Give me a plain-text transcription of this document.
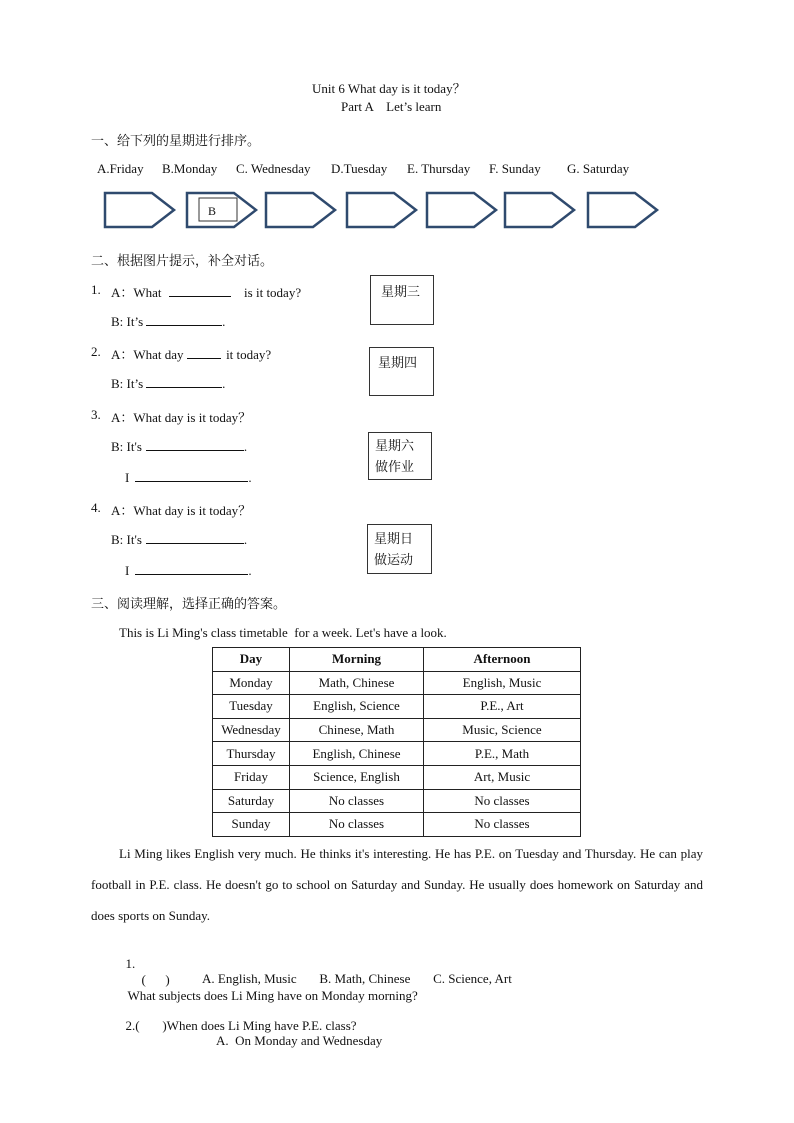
Unit 6 What day is it today？
Part A    Let’s learn
一、给下列的星期进行排序。
A.Friday B.Monday C. Wednesday D.Tuesday E. Thursday F. Sunday G. Saturday
B
二、根据图片提示，补全对话。
1. A：What	is it today?
B: It’s	.
星期三
2. A：What day	it today?
B: It’s	.
星期四
3. A：What day is it today？
B: It's	.
I	.
星期六
做作业
4. A：What day is it today？
B: It's	.
I	.
星期日
做运动
三、阅读理解，选择正确的答案。
This is Li Ming's class timetable  for a week. Let's have a look.
Day	Morning	Afternoon
Monday	Math, Chinese	English, Music
Tuesday	English, Science	P.E., Art
Wednesday	Chinese, Math	Music, Science
Thursday	English, Chinese	P.E., Math
Friday	Science, English	Art, Music
Saturday	No classes	No classes
Sunday	No classes	No classes
Li Ming likes English very much. He thinks it's interesting. He has P.E. on Tuesday and Thursday. He can play football in P.E. class. He doesn't go to school on Saturday and Sunday. He usually does homework on Saturday and does sports on Sunday.

1.
(      )
What subjects does Li Ming have on Monday morning?

A. English, Music       B. Math, Chinese       C. Science, Art

2.(       )When does Li Ming have P.E. class?

A.  On Monday and Wednesday
